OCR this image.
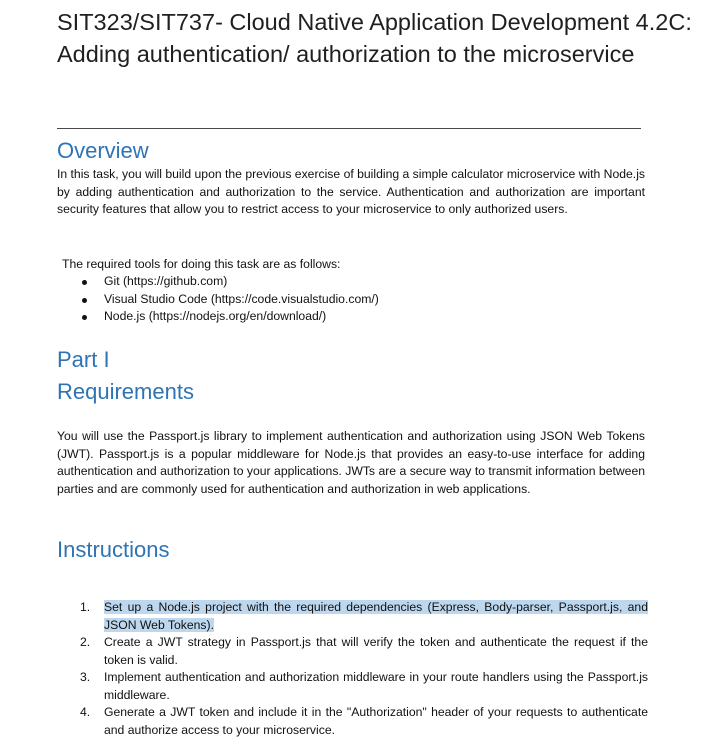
SIT323/SIT737- Cloud Native Application Development 4.2C: Adding authentication/ authorization to the microservice
Overview

In this task, you will build upon the previous exercise of building a simple calculator microservice with Node.js by adding authentication and authorization to the service. Authentication and authorization are important security features that allow you to restrict access to your microservice to only authorized users.

The required tools for doing this task are as follows:

Git (https://github.com)
Visual Studio Code (https://code.visualstudio.com/)
Node.js (https://nodejs.org/en/download/)
Part I
Requirements

You will use the Passport.js library to implement authentication and authorization using JSON Web Tokens (JWT). Passport.js is a popular middleware for Node.js that provides an easy-to-use interface for adding authentication and authorization to your applications. JWTs are a secure way to transmit information between parties and are commonly used for authentication and authorization in web applications.

Instructions
1. Set up a Node.js project with the required dependencies (Express, Body-parser, Passport.js, and JSON Web Tokens).
2. Create a JWT strategy in Passport.js that will verify the token and authenticate the request if the token is valid.
3. Implement authentication and authorization middleware in your route handlers using the Passport.js middleware.
4. Generate a JWT token and include it in the "Authorization" header of your requests to authenticate and authorize access to your microservice.
